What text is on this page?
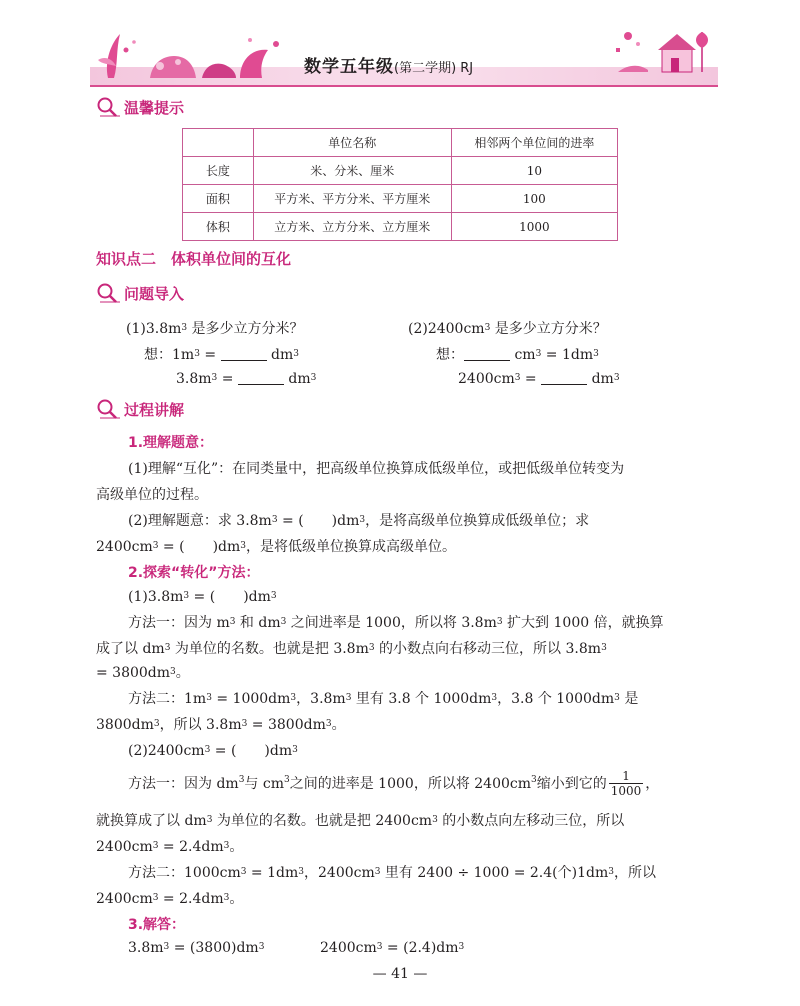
数学五年级(第二学期) RJ
温馨提示
	单位名称	相邻两个单位间的进率
长度	米、分米、厘米	10
面积	平方米、平方分米、平方厘米	100
体积	立方米、立方分米、立方厘米	1000
知识点二　体积单位间的互化
问题导入
$(1)3.8m^3$ 是多少立方分米？
想：$1m^3$ =	$dm^3$
$3.8m^3$ =	$dm^3$
$(2)2400cm^3$ 是多少立方分米？
想：	$cm^3 = 1dm^3$
$2400cm^3$ =	$dm^3$
过程讲解
1.理解题意：
(1)理解“互化”：在同类量中，把高级单位换算成低级单位，或把低级单位转变为
高级单位的过程。
(2)理解题意：求 $3.8m^3$ = (　　)$dm^3$，是将高级单位换算成低级单位；求
$2400cm^3$ = (　　)$dm^3$，是将低级单位换算成高级单位。
2.探索“转化”方法：
$(1)3.8m^3$ = (　　)$dm^3$
方法一：因为 $m^3$ 和 $dm^3$ 之间进率是 1000，所以将 $3.8m^3$ 扩大到 1000 倍，就换算
成了以 $dm^3$ 为单位的名数。也就是把 $3.8m^3$ 的小数点向右移动三位，所以 $3.8m^3$
= $3800dm^3$。
方法二：$1m^3 = 1000dm^3$，$3.8m^3$ 里有 3.8 个 $1000dm^3$，3.8 个 $1000dm^3$ 是
$3800dm^3$，所以 $3.8m^3 = 3800dm^3$。
$(2)2400cm^3$ = (　　)$dm^3$
方法一：因为 $dm^3$ 与 $cm^3$ 之间的进率是 1000，所以将 $2400cm^3$ 缩小到它的 $\frac{1}{1000}$ ，
就换算成了以 $dm^3$ 为单位的名数。也就是把 $2400cm^3$ 的小数点向左移动三位，所以
$2400cm^3 = 2.4dm^3$。
方法二：$1000cm^3 = 1dm^3$，$2400cm^3$ 里有 2400 ÷ 1000 = 2.4(个)$1dm^3$，所以
$2400cm^3 = 2.4dm^3$。
3.解答：
$3.8m^3 = (3800)dm^3$	$2400cm^3 = (2.4)dm^3$
— 41 —
